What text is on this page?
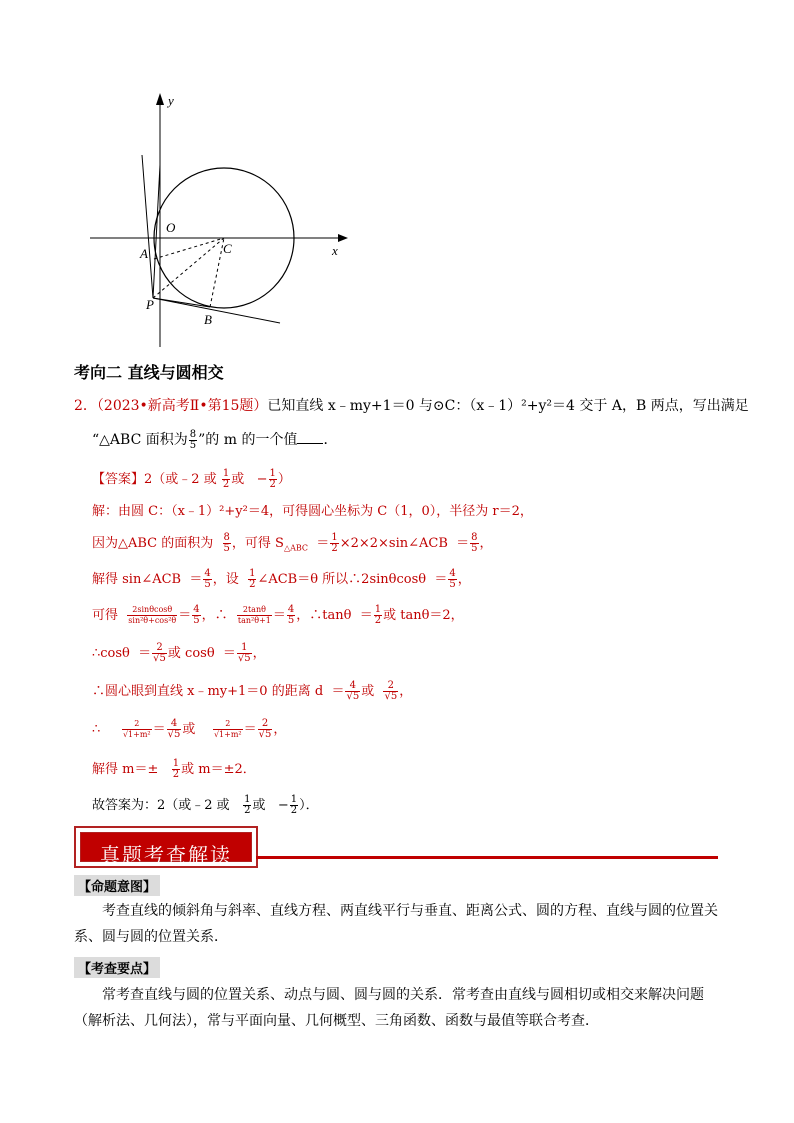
y
x
O
C
A
P
B
考向二 直线与圆相交
2．（2023•新高考Ⅱ•第15题）已知直线 x﹣my+1＝0 与⊙C：（x﹣1）²+y²＝4 交于 A，B 两点，写出满足
“△ABC 面积为 $\frac{8}{5}$ ”的 m 的一个值 ．
【答案】2（或﹣2 或 $\frac{1}{2}$ 或 − $\frac{1}{2}$ ）
解：由圆 C：（x﹣1）²+y²＝4，可得圆心坐标为 C（1，0），半径为 r＝2，
因为△ABC 的面积为 $\frac{8}{5}$ ，可得 $S_{\triangle ABC} = \frac{1}{2}$ ×2×2×sin∠ACB ＝ $\frac{8}{5}$ ，
解得 sin∠ACB ＝ $\frac{4}{5}$ ，设 $\frac{1}{2}$ ∠ACB＝θ 所以∴2sinθcosθ ＝ $\frac{4}{5}$ ，
可得 $\frac{2\sin\theta\cos\theta}{\text{sin²θ+cos²θ}} = \frac{4}{5}$ ，∴ $\frac{2\tan\theta}{\text{tan²θ+1}} = \frac{4}{5}$ ，∴tanθ ＝ $\frac{1}{2}$ 或 tanθ＝2，
∴cosθ ＝ $\frac{2}{√5}$ 或 $\cos\theta = \frac{1}{√5}$ ，
∴圆心眼到直线 x﹣my+1＝0 的距离 $d = \frac{4}{√5}$ 或 $\frac{2}{√5}$ ，
∴	$\frac{2}{\text{√1+m²}} = \frac{4}{√5}$ 或 $\frac{2}{\text{√1+m²}} = \frac{2}{√5}$ ，
解得 $m=\pm \frac{1}{2}$ 或 m＝±2．
故答案为：2（或﹣2 或 $\frac{1}{2}$ 或 − $\frac{1}{2}$ ）．
真题考查解读
【命题意图】
考查直线的倾斜角与斜率、直线方程、两直线平行与垂直、距离公式、圆的方程、直线与圆的位置关系、圆与圆的位置关系．
【考查要点】
常考查直线与圆的位置关系、动点与圆、圆与圆的关系．常考查由直线与圆相切或相交来解决问题（解析法、几何法），常与平面向量、几何概型、三角函数、函数与最值等联合考查．
